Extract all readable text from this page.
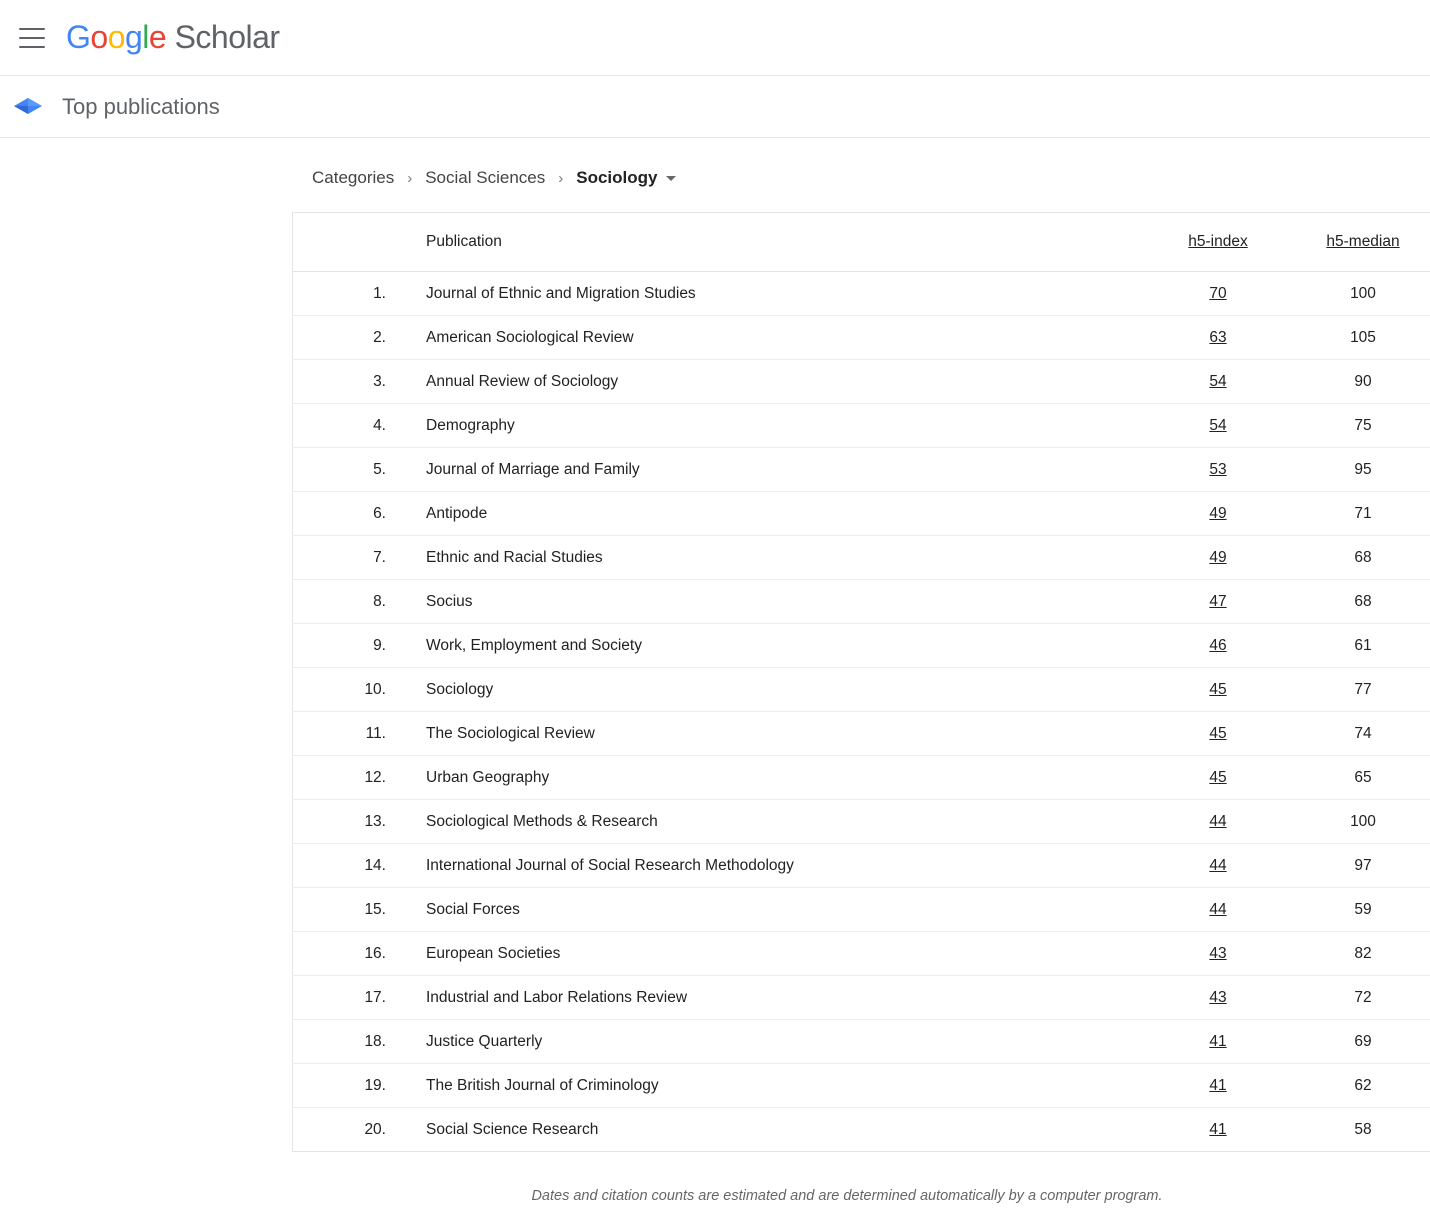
Google Scholar
Top publications
Categories › Social Sciences › Sociology
	Publication	h5-index	h5-median
1.	Journal of Ethnic and Migration Studies	70	100
2.	American Sociological Review	63	105
3.	Annual Review of Sociology	54	90
4.	Demography	54	75
5.	Journal of Marriage and Family	53	95
6.	Antipode	49	71
7.	Ethnic and Racial Studies	49	68
8.	Socius	47	68
9.	Work, Employment and Society	46	61
10.	Sociology	45	77
11.	The Sociological Review	45	74
12.	Urban Geography	45	65
13.	Sociological Methods & Research	44	100
14.	International Journal of Social Research Methodology	44	97
15.	Social Forces	44	59
16.	European Societies	43	82
17.	Industrial and Labor Relations Review	43	72
18.	Justice Quarterly	41	69
19.	The British Journal of Criminology	41	62
20.	Social Science Research	41	58
Dates and citation counts are estimated and are determined automatically by a computer program.
